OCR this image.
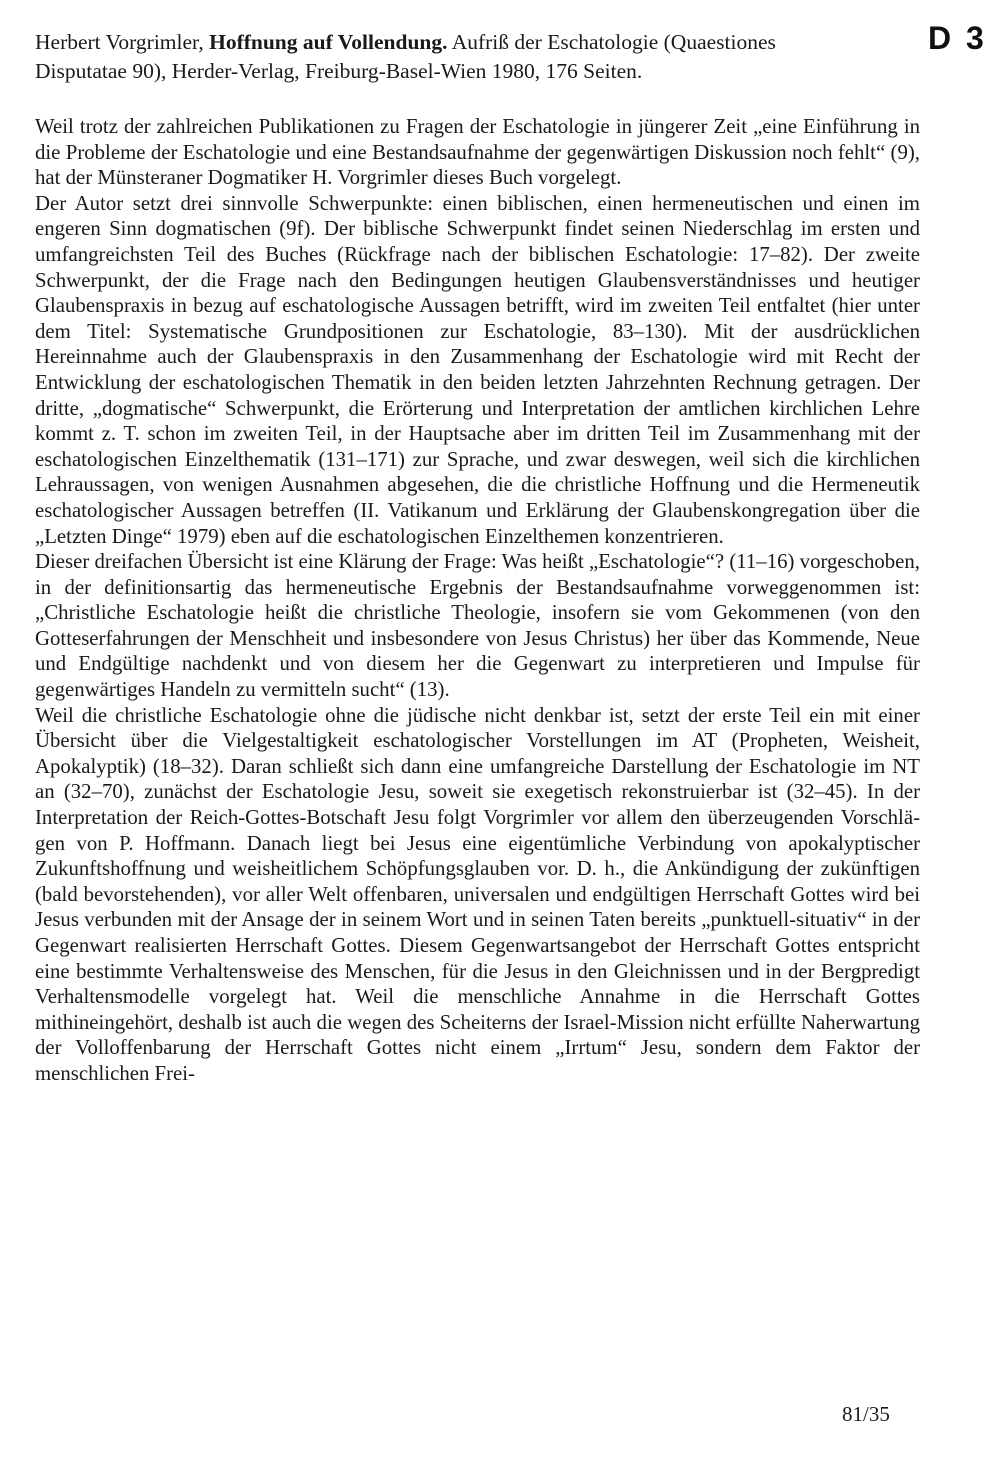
D 3
Herbert Vorgrimler, Hoffnung auf Vollendung. Aufriß der Eschatologie (Quaestiones
Disputatae 90), Herder-Verlag, Freiburg-Basel-Wien 1980, 176 Seiten.

Weil trotz der zahlreichen Publikationen zu Fragen der Eschatologie in jüngerer Zeit „eine Einführung in die Probleme der Eschatologie und eine Bestandsaufnahme der gegenwärtigen Diskussion noch fehlt“ (9), hat der Münsteraner Dogmatiker H. Vorgrimler dieses Buch vorgelegt.

Der Autor setzt drei sinnvolle Schwerpunkte: einen biblischen, einen hermeneutischen und einen im engeren Sinn dogmatischen (9f). Der biblische Schwerpunkt findet seinen Niederschlag im ersten und umfangreichsten Teil des Buches (Rückfrage nach der biblischen Eschatologie: 17–82). Der zweite Schwerpunkt, der die Frage nach den Bedingungen heutigen Glaubensverständnisses und heutiger Glaubenspraxis in bezug auf eschatologische Aussagen betrifft, wird im zweiten Teil entfaltet (hier unter dem Titel: Systematische Grundpositionen zur Eschatologie, 83–130). Mit der ausdrücklichen Hereinnahme auch der Glaubenspraxis in den Zusammenhang der Eschatologie wird mit Recht der Entwicklung der eschatologischen Thematik in den beiden letzten Jahrzehnten Rechnung getragen. Der dritte, „dogmatische“ Schwerpunkt, die Erörterung und Interpretation der amtlichen kirchlichen Lehre kommt z. T. schon im zweiten Teil, in der Hauptsache aber im dritten Teil im Zusammenhang mit der eschatologischen Einzelthematik (131–171) zur Sprache, und zwar deswegen, weil sich die kirchlichen Lehraussagen, von wenigen Ausnahmen abgesehen, die die christliche Hoffnung und die Hermeneutik eschatologischer Aussagen betreffen (II. Vatikanum und Erklärung der Glaubenskongregation über die „Letzten Dinge“ 1979) eben auf die eschatologischen Einzelthemen konzentrieren.

Dieser dreifachen Übersicht ist eine Klärung der Frage: Was heißt „Eschatologie“? (11–16) vorgeschoben, in der definitionsartig das hermeneutische Ergebnis der Bestandsaufnahme vorweggenommen ist: „Christliche Eschatologie heißt die christliche Theologie, insofern sie vom Gekommenen (von den Gotteserfahrungen der Menschheit und insbesondere von Jesus Christus) her über das Kommende, Neue und Endgültige nachdenkt und von diesem her die Gegenwart zu interpretieren und Impulse für gegenwärtiges Handeln zu vermitteln sucht“ (13).

Weil die christliche Eschatologie ohne die jüdische nicht denkbar ist, setzt der erste Teil ein mit einer Übersicht über die Vielgestaltigkeit eschatologischer Vorstellungen im AT (Propheten, Weisheit, Apokalyptik) (18–32). Daran schließt sich dann eine umfangreiche Darstellung der Eschatologie im NT an (32–70), zunächst der Eschatologie Jesu, soweit sie exegetisch rekonstruierbar ist (32–45). In der Interpretation der Reich-Gottes-Botschaft Jesu folgt Vorgrimler vor allem den überzeugenden Vorschlägen von P. Hoffmann. Danach liegt bei Jesus eine eigentümliche Verbindung von apokalyptischer Zukunftshoffnung und weisheitlichem Schöpfungsglauben vor. D. h., die Ankündigung der zukünftigen (bald bevorstehenden), vor aller Welt offenbaren, universalen und endgültigen Herrschaft Gottes wird bei Jesus verbunden mit der Ansage der in seinem Wort und in seinen Taten bereits „punktuell-situativ“ in der Gegenwart realisierten Herrschaft Gottes. Diesem Gegenwartsangebot der Herrschaft Gottes entspricht eine bestimmte Verhaltensweise des Menschen, für die Jesus in den Gleichnissen und in der Bergpredigt Verhaltensmodelle vorgelegt hat. Weil die menschliche Annahme in die Herrschaft Gottes mithineingehört, deshalb ist auch die wegen des Scheiterns der Israel-Mission nicht erfüllte Naherwartung der Volloffenbarung der Herrschaft Gottes nicht einem „Irrtum“ Jesu, sondern dem Faktor der menschlichen Frei-

81/35
